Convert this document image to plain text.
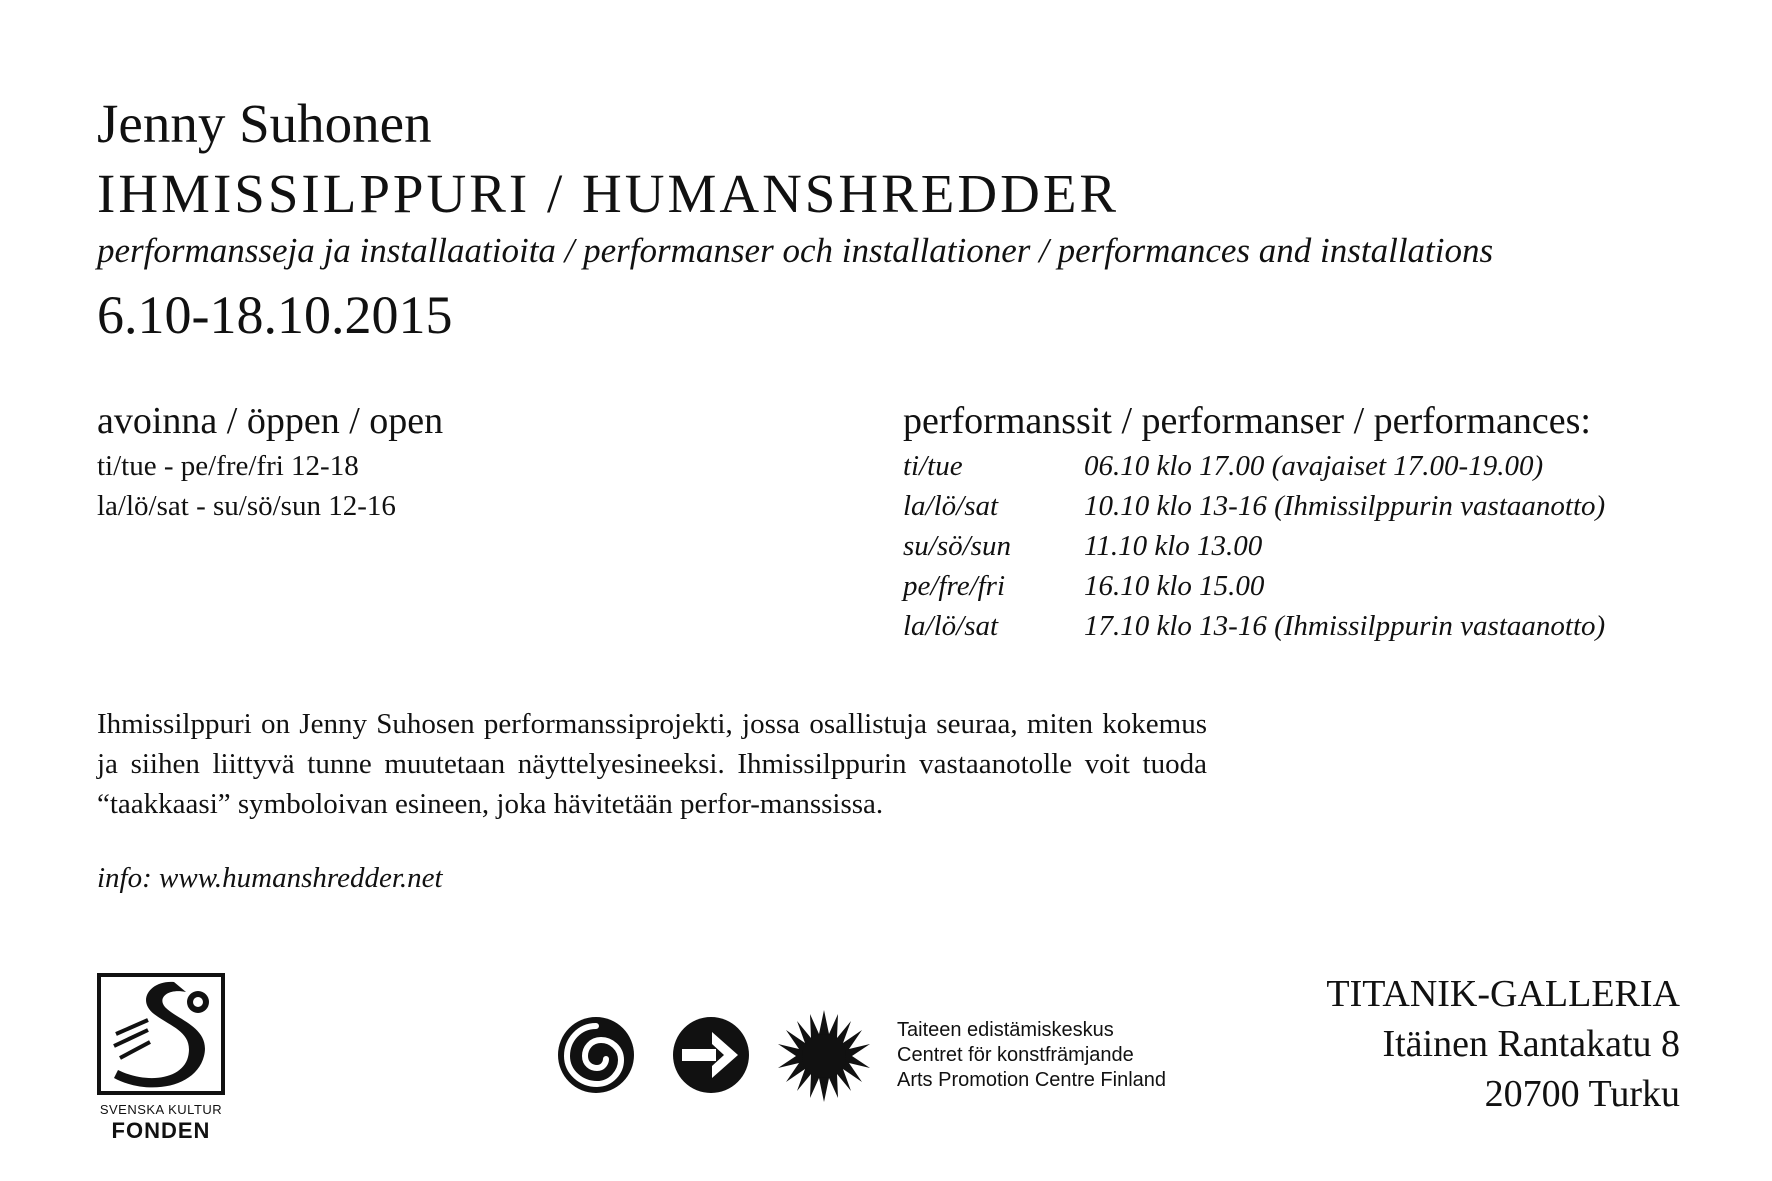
Jenny Suhonen
IHMISSILPPURI / HUMANSHREDDER
performansseja ja installaatioita / performanser och installationer / performances and installations
6.10-18.10.2015
avoinna / öppen / open
ti/tue - pe/fre/fri 12-18
la/lö/sat - su/sö/sun 12-16
performanssit / performanser / performances:
ti/tue	06.10 klo 17.00 (avajaiset 17.00-19.00)
la/lö/sat	10.10 klo 13-16 (Ihmissilppurin vastaanotto)
su/sö/sun	11.10 klo 13.00
pe/fre/fri	16.10 klo 15.00
la/lö/sat	17.10 klo 13-16 (Ihmissilppurin vastaanotto)
Ihmissilppuri on Jenny Suhosen performanssiprojekti, jossa osallistuja seuraa, miten kokemus ja siihen liittyvä tunne muutetaan näyttelyesineeksi. Ihmissilppurin vastaanotolle voit tuoda “taakkaasi” symboloivan esineen, joka hävitetään perfor-manssissa.
info: www.humanshredder.net
TITANIK-GALLERIA
Itäinen Rantakatu 8
20700 Turku
SVENSKA KULTUR
FONDEN
Taiteen edistämiskeskus
Centret för konstfrämjande
Arts Promotion Centre Finland
